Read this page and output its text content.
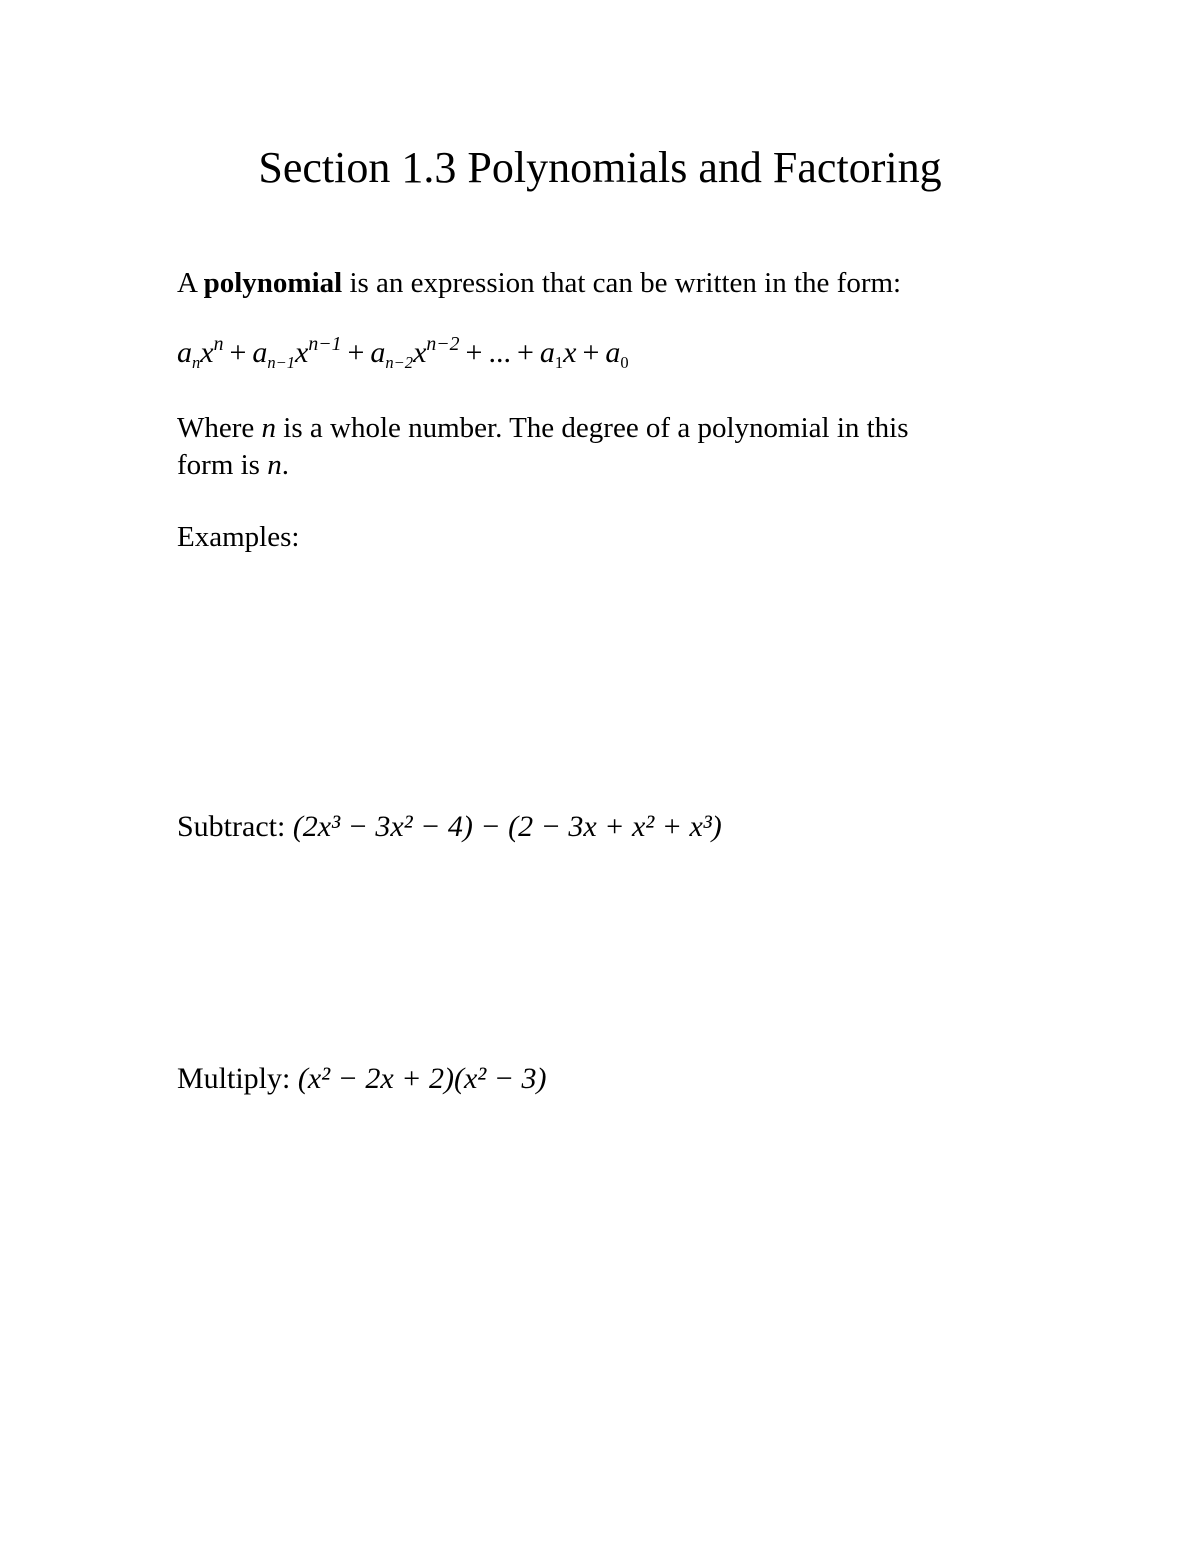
Section 1.3 Polynomials and Factoring
A polynomial is an expression that can be written in the form:
$anx^n + an-1x^{n-1} + an-2x^{n-2}$ + ... + a1x + a0
Where n is a whole number. The degree of a polynomial in this
form is n.
Examples:
Subtract: (2x³ − 3x² − 4) − (2 − 3x + x² + x³)
Multiply: (x² − 2x + 2)(x² − 3)
